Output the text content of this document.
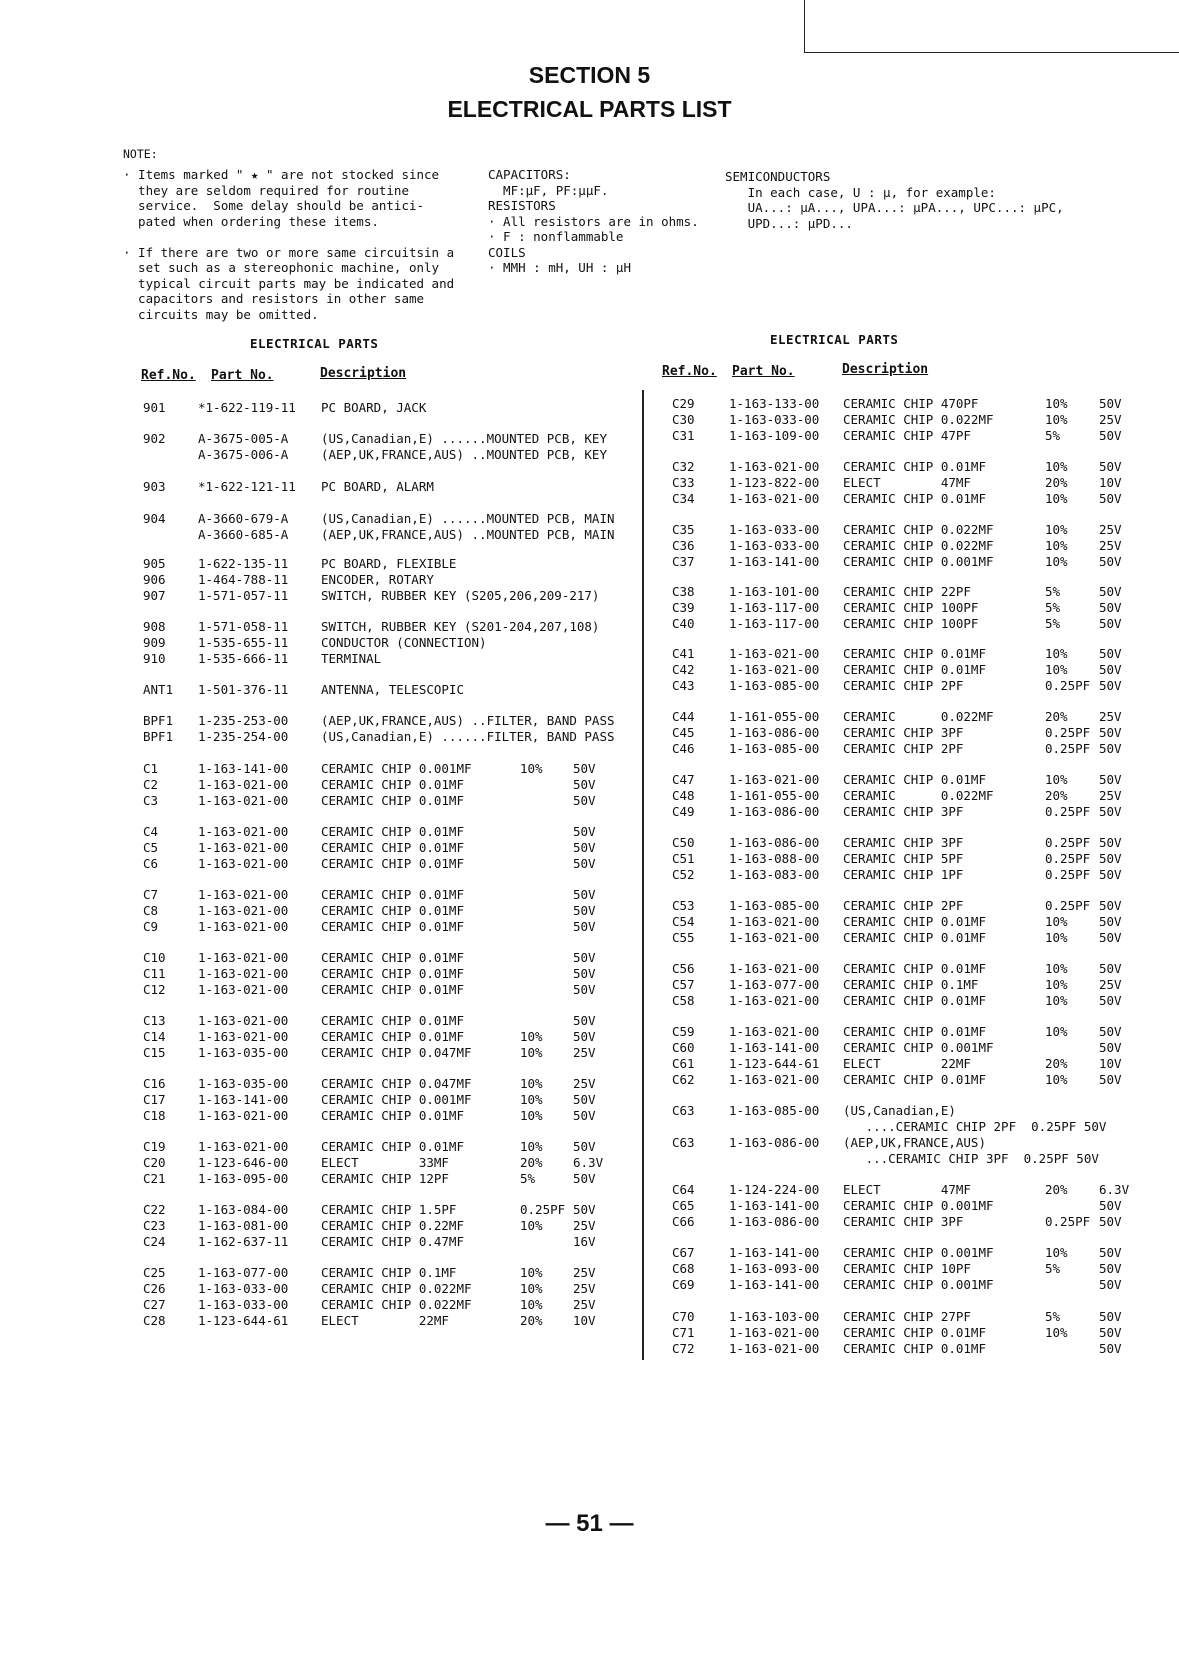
SECTION 5
ELECTRICAL PARTS LIST
NOTE:
· Items marked " ★ " are not stocked since
they are seldom required for routine
service.  Some delay should be antici-
pated when ordering these items.

· If there are two or more same circuitsin a
set such as a stereophonic machine, only
typical circuit parts may be indicated and
capacitors and resistors in other same
circuits may be omitted.
CAPACITORS:
MF:μF, PF:μμF.
RESISTORS
· All resistors are in ohms.
· F : nonflammable
COILS
· MMH : mH, UH : μH
SEMICONDUCTORS
In each case, U : μ, for example:
UA...: μA..., UPA...: μPA..., UPC...: μPC,
UPD...: μPD...
ELECTRICAL PARTS	ELECTRICAL PARTS
Ref.No. Part No.	Description	Ref.No. Part No.	Description
901	*1-622-119-11 PC BOARD, JACK
902	A-3675-005-A	(US,Canadian,E) ......MOUNTED PCB, KEY
A-3675-006-A	(AEP,UK,FRANCE,AUS) ..MOUNTED PCB, KEY
903	*1-622-121-11 PC BOARD, ALARM
904	A-3660-679-A	(US,Canadian,E) ......MOUNTED PCB, MAIN
A-3660-685-A	(AEP,UK,FRANCE,AUS) ..MOUNTED PCB, MAIN
905	1-622-135-11	PC BOARD, FLEXIBLE
906	1-464-788-11	ENCODER, ROTARY
907	1-571-057-11	SWITCH, RUBBER KEY (S205,206,209-217)
908	1-571-058-11	SWITCH, RUBBER KEY (S201-204,207,108)
909	1-535-655-11	CONDUCTOR (CONNECTION)
910	1-535-666-11	TERMINAL
ANT1 1-501-376-11	ANTENNA, TELESCOPIC
BPF1 1-235-253-00	(AEP,UK,FRANCE,AUS) ..FILTER, BAND PASS
BPF1 1-235-254-00	(US,Canadian,E) ......FILTER, BAND PASS
C1	1-163-141-00	CERAMIC CHIP 0.001MF	10% 50V
C2	1-163-021-00	CERAMIC CHIP 0.01MF	50V
C3	1-163-021-00	CERAMIC CHIP 0.01MF	50V
C4	1-163-021-00	CERAMIC CHIP 0.01MF	50V
C5	1-163-021-00	CERAMIC CHIP 0.01MF	50V
C6	1-163-021-00	CERAMIC CHIP 0.01MF	50V
C7	1-163-021-00	CERAMIC CHIP 0.01MF	50V
C8	1-163-021-00	CERAMIC CHIP 0.01MF	50V
C9	1-163-021-00	CERAMIC CHIP 0.01MF	50V
C10	1-163-021-00	CERAMIC CHIP 0.01MF	50V
C11	1-163-021-00	CERAMIC CHIP 0.01MF	50V
C12	1-163-021-00	CERAMIC CHIP 0.01MF	50V
C13	1-163-021-00	CERAMIC CHIP 0.01MF	50V
C14	1-163-021-00	CERAMIC CHIP 0.01MF	10% 50V
C15	1-163-035-00	CERAMIC CHIP 0.047MF	10% 25V
C16	1-163-035-00	CERAMIC CHIP 0.047MF	10% 25V
C17	1-163-141-00	CERAMIC CHIP 0.001MF	10% 50V
C18	1-163-021-00	CERAMIC CHIP 0.01MF	10% 50V
C19	1-163-021-00	CERAMIC CHIP 0.01MF	10% 50V
C20	1-123-646-00	ELECT        33MF	20% 6.3V
C21	1-163-095-00	CERAMIC CHIP 12PF	5%	50V
C22	1-163-084-00	CERAMIC CHIP 1.5PF	0.25PF 50V
C23	1-163-081-00	CERAMIC CHIP 0.22MF	10% 25V
C24	1-162-637-11	CERAMIC CHIP 0.47MF	16V
C25	1-163-077-00	CERAMIC CHIP 0.1MF	10% 25V
C26	1-163-033-00	CERAMIC CHIP 0.022MF	10% 25V
C27	1-163-033-00	CERAMIC CHIP 0.022MF	10% 25V
C28	1-123-644-61	ELECT        22MF	20% 10V
C29	1-163-133-00 CERAMIC CHIP 470PF	10%	50V
C30	1-163-033-00 CERAMIC CHIP 0.022MF	10%	25V
C31	1-163-109-00 CERAMIC CHIP 47PF	5%	50V
C32	1-163-021-00 CERAMIC CHIP 0.01MF	10%	50V
C33	1-123-822-00 ELECT        47MF	20%	10V
C34	1-163-021-00 CERAMIC CHIP 0.01MF	10%	50V
C35	1-163-033-00 CERAMIC CHIP 0.022MF	10%	25V
C36	1-163-033-00 CERAMIC CHIP 0.022MF	10%	25V
C37	1-163-141-00 CERAMIC CHIP 0.001MF	10%	50V
C38	1-163-101-00 CERAMIC CHIP 22PF	5%	50V
C39	1-163-117-00 CERAMIC CHIP 100PF	5%	50V
C40	1-163-117-00 CERAMIC CHIP 100PF	5%	50V
C41	1-163-021-00 CERAMIC CHIP 0.01MF	10%	50V
C42	1-163-021-00 CERAMIC CHIP 0.01MF	10%	50V
C43	1-163-085-00 CERAMIC CHIP 2PF	0.25PF 50V
C44	1-161-055-00 CERAMIC      0.022MF	20%	25V
C45	1-163-086-00 CERAMIC CHIP 3PF	0.25PF 50V
C46	1-163-085-00 CERAMIC CHIP 2PF	0.25PF 50V
C47	1-163-021-00 CERAMIC CHIP 0.01MF	10%	50V
C48	1-161-055-00 CERAMIC      0.022MF	20%	25V
C49	1-163-086-00 CERAMIC CHIP 3PF	0.25PF 50V
C50	1-163-086-00 CERAMIC CHIP 3PF	0.25PF 50V
C51	1-163-088-00 CERAMIC CHIP 5PF	0.25PF 50V
C52	1-163-083-00 CERAMIC CHIP 1PF	0.25PF 50V
C53	1-163-085-00 CERAMIC CHIP 2PF	0.25PF 50V
C54	1-163-021-00 CERAMIC CHIP 0.01MF	10%	50V
C55	1-163-021-00 CERAMIC CHIP 0.01MF	10%	50V
C56	1-163-021-00 CERAMIC CHIP 0.01MF	10%	50V
C57	1-163-077-00 CERAMIC CHIP 0.1MF	10%	25V
C58	1-163-021-00 CERAMIC CHIP 0.01MF	10%	50V
C59	1-163-021-00 CERAMIC CHIP 0.01MF	10%	50V
C60	1-163-141-00 CERAMIC CHIP 0.001MF	50V
C61	1-123-644-61 ELECT        22MF	20%	10V
C62	1-163-021-00 CERAMIC CHIP 0.01MF	10%	50V
C63	1-163-085-00 (US,Canadian,E)
....CERAMIC CHIP 2PF  0.25PF 50V
C63	1-163-086-00 (AEP,UK,FRANCE,AUS)
...CERAMIC CHIP 3PF  0.25PF 50V
C64	1-124-224-00 ELECT        47MF	20%	6.3V
C65	1-163-141-00 CERAMIC CHIP 0.001MF	50V
C66	1-163-086-00 CERAMIC CHIP 3PF	0.25PF 50V
C67	1-163-141-00 CERAMIC CHIP 0.001MF	10%	50V
C68	1-163-093-00 CERAMIC CHIP 10PF	5%	50V
C69	1-163-141-00 CERAMIC CHIP 0.001MF	50V
C70	1-163-103-00 CERAMIC CHIP 27PF	5%	50V
C71	1-163-021-00 CERAMIC CHIP 0.01MF	10%	50V
C72	1-163-021-00 CERAMIC CHIP 0.01MF	50V
— 51 —
